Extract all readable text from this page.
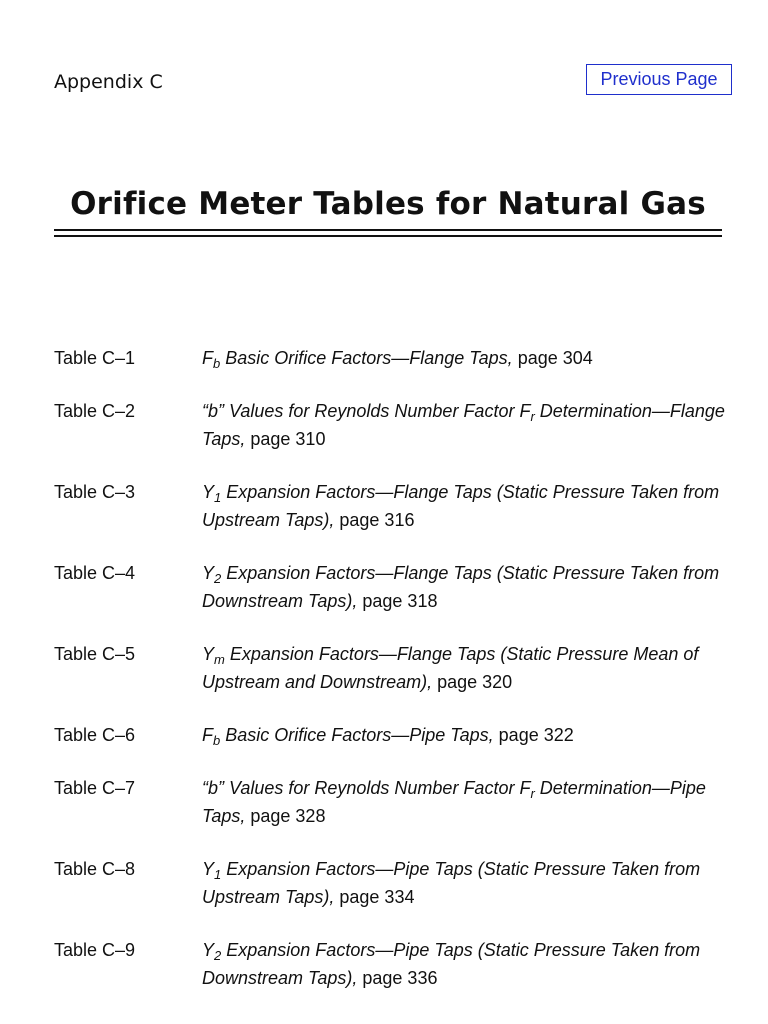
Appendix C	Previous Page
Orifice Meter Tables for Natural Gas
Table C–1	$F_b$ Basic Orifice Factors—Flange Taps, page 304
Table C–2	“b” Values for Reynolds Number Factor $F_r$ Determination—Flange Taps, page 310
Table C–3	$Y_1$ Expansion Factors—Flange Taps (Static Pressure Taken from Upstream Taps), page 316
Table C–4	$Y_2$ Expansion Factors—Flange Taps (Static Pressure Taken from Downstream Taps), page 318
Table C–5	$Y_m$ Expansion Factors—Flange Taps (Static Pressure Mean of Upstream and Downstream), page 320
Table C–6	$F_b$ Basic Orifice Factors—Pipe Taps, page 322
Table C–7	“b” Values for Reynolds Number Factor $F_r$ Determination—Pipe Taps, page 328
Table C–8	$Y_1$ Expansion Factors—Pipe Taps (Static Pressure Taken from Upstream Taps), page 334
Table C–9	$Y_2$ Expansion Factors—Pipe Taps (Static Pressure Taken from Downstream Taps), page 336
